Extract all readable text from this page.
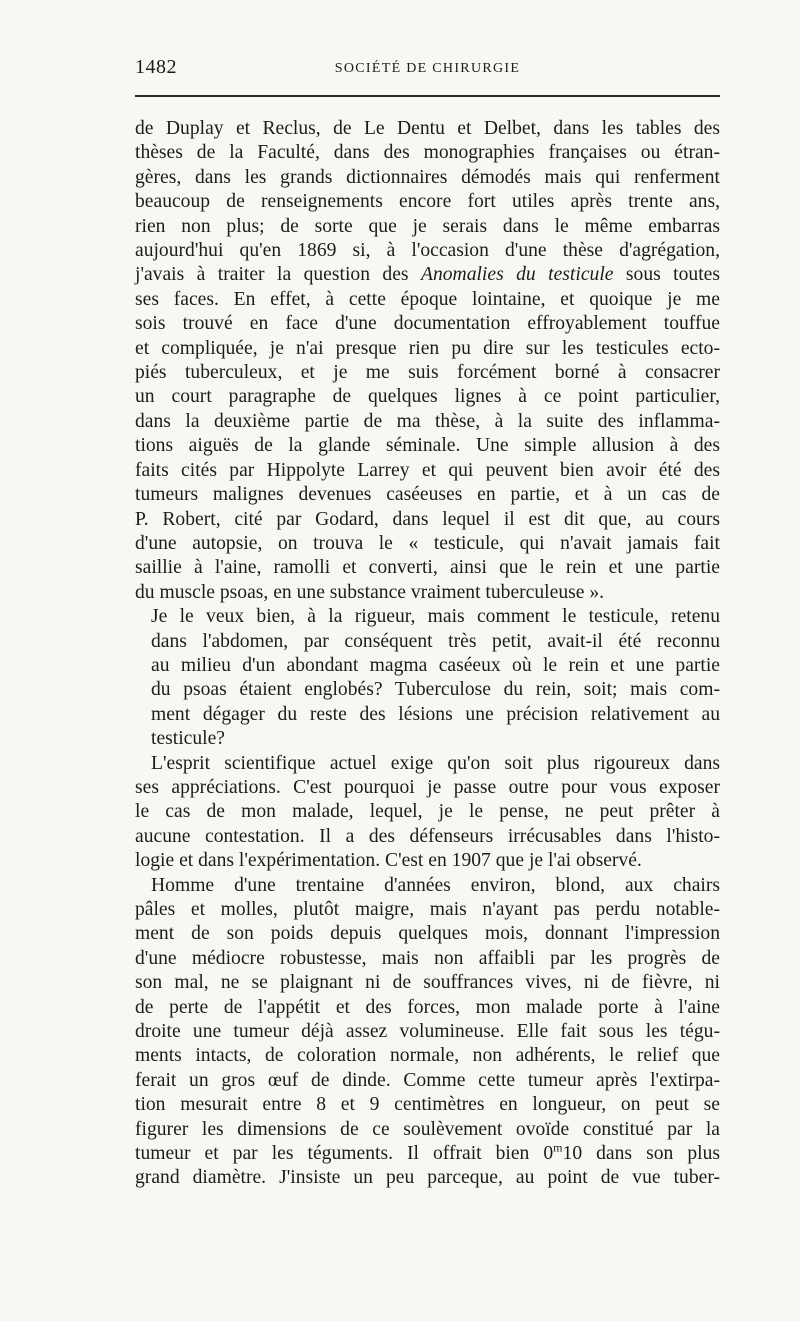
1482	SOCIÉTÉ DE CHIRURGIE

de Duplay et Reclus, de Le Dentu et Delbet, dans les tables des
thèses de la Faculté, dans des monographies françaises ou étran-
gères, dans les grands dictionnaires démodés mais qui renferment
beaucoup de renseignements encore fort utiles après trente ans,
rien non plus; de sorte que je serais dans le même embarras
aujourd'hui qu'en 1869 si, à l'occasion d'une thèse d'agrégation,
j'avais à traiter la question des Anomalies du testicule sous toutes
ses faces. En effet, à cette époque lointaine, et quoique je me
sois trouvé en face d'une documentation effroyablement touffue
et compliquée, je n'ai presque rien pu dire sur les testicules ecto-
piés tuberculeux, et je me suis forcément borné à consacrer
un court paragraphe de quelques lignes à ce point particulier,
dans la deuxième partie de ma thèse, à la suite des inflamma-
tions aiguës de la glande séminale. Une simple allusion à des
faits cités par Hippolyte Larrey et qui peuvent bien avoir été des
tumeurs malignes devenues caséeuses en partie, et à un cas de
P. Robert, cité par Godard, dans lequel il est dit que, au cours
d'une autopsie, on trouva le « testicule, qui n'avait jamais fait
saillie à l'aine, ramolli et converti, ainsi que le rein et une partie
du muscle psoas, en une substance vraiment tuberculeuse ».

Je le veux bien, à la rigueur, mais comment le testicule, retenu
dans l'abdomen, par conséquent très petit, avait-il été reconnu
au milieu d'un abondant magma caséeux où le rein et une partie
du psoas étaient englobés? Tuberculose du rein, soit; mais com-
ment dégager du reste des lésions une précision relativement au
testicule?

L'esprit scientifique actuel exige qu'on soit plus rigoureux dans
ses appréciations. C'est pourquoi je passe outre pour vous exposer
le cas de mon malade, lequel, je le pense, ne peut prêter à
aucune contestation. Il a des défenseurs irrécusables dans l'histo-
logie et dans l'expérimentation. C'est en 1907 que je l'ai observé.

Homme d'une trentaine d'années environ, blond, aux chairs
pâles et molles, plutôt maigre, mais n'ayant pas perdu notable-
ment de son poids depuis quelques mois, donnant l'impression
d'une médiocre robustesse, mais non affaibli par les progrès de
son mal, ne se plaignant ni de souffrances vives, ni de fièvre, ni
de perte de l'appétit et des forces, mon malade porte à l'aine
droite une tumeur déjà assez volumineuse. Elle fait sous les tégu-
ments intacts, de coloration normale, non adhérents, le relief que
ferait un gros œuf de dinde. Comme cette tumeur après l'extirpa-
tion mesurait entre 8 et 9 centimètres en longueur, on peut se
figurer les dimensions de ce soulèvement ovoïde constitué par la
tumeur et par les téguments. Il offrait bien 0$^m$10 dans son plus
grand diamètre. J'insiste un peu parceque, au point de vue tuber-
